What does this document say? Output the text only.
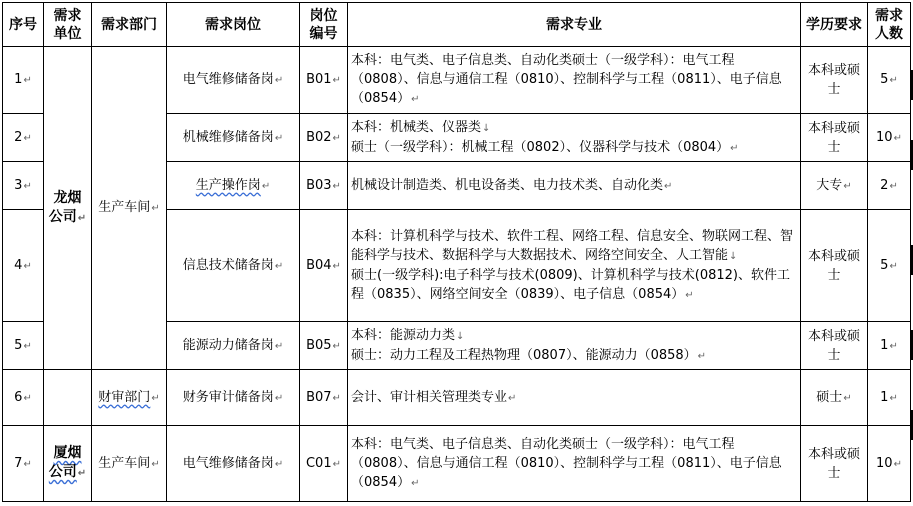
序号	需求单位	需求部门	需求岗位	岗位编号	需求专业	学历要求	需求人数
1↵	龙烟公司↵	生产车间↵	电气维修储备岗↵	B01↵	本科：电气类、电子信息类、自动化类硕士（一级学科）：电气工程（0808）、信息与通信工程（0810）、控制科学与工程（0811）、电子信息（0854）↵	本科或硕士	5↵
2↵			机械维修储备岗↵	B02↵	本科：机械类、仪器类↓
硕士（一级学科）：机械工程（0802）、仪器科学与技术（0804）↵	本科或硕士	10↵
3↵			生产操作岗↵	B03↵	机械设计制造类、机电设备类、电力技术类、自动化类↵	大专↵	2↵
4↵			信息技术储备岗↵	B04↵	本科：计算机科学与技术、软件工程、网络工程、信息安全、物联网工程、智能科学与技术、数据科学与大数据技术、网络空间安全、人工智能↓
硕士(一级学科):电子科学与技术(0809)、计算机科学与技术(0812)、软件工程（0835）、网络空间安全（0839）、电子信息（0854）↵	本科或硕士	5↵
5↵			能源动力储备岗↵	B05↵	本科：能源动力类↓
硕士：动力工程及工程热物理（0807）、能源动力（0858）↵	本科或硕士	1↵
6↵		财审部门↵	财务审计储备岗↵	B07↵	会计、审计相关管理类专业↵	硕士↵	1↵
7↵	厦烟公司↵	生产车间↵	电气维修储备岗↵	C01↵	本科：电气类、电子信息类、自动化类硕士（一级学科）：电气工程（0808）、信息与通信工程（0810）、控制科学与工程（0811）、电子信息（0854）↵	本科或硕士	10↵
